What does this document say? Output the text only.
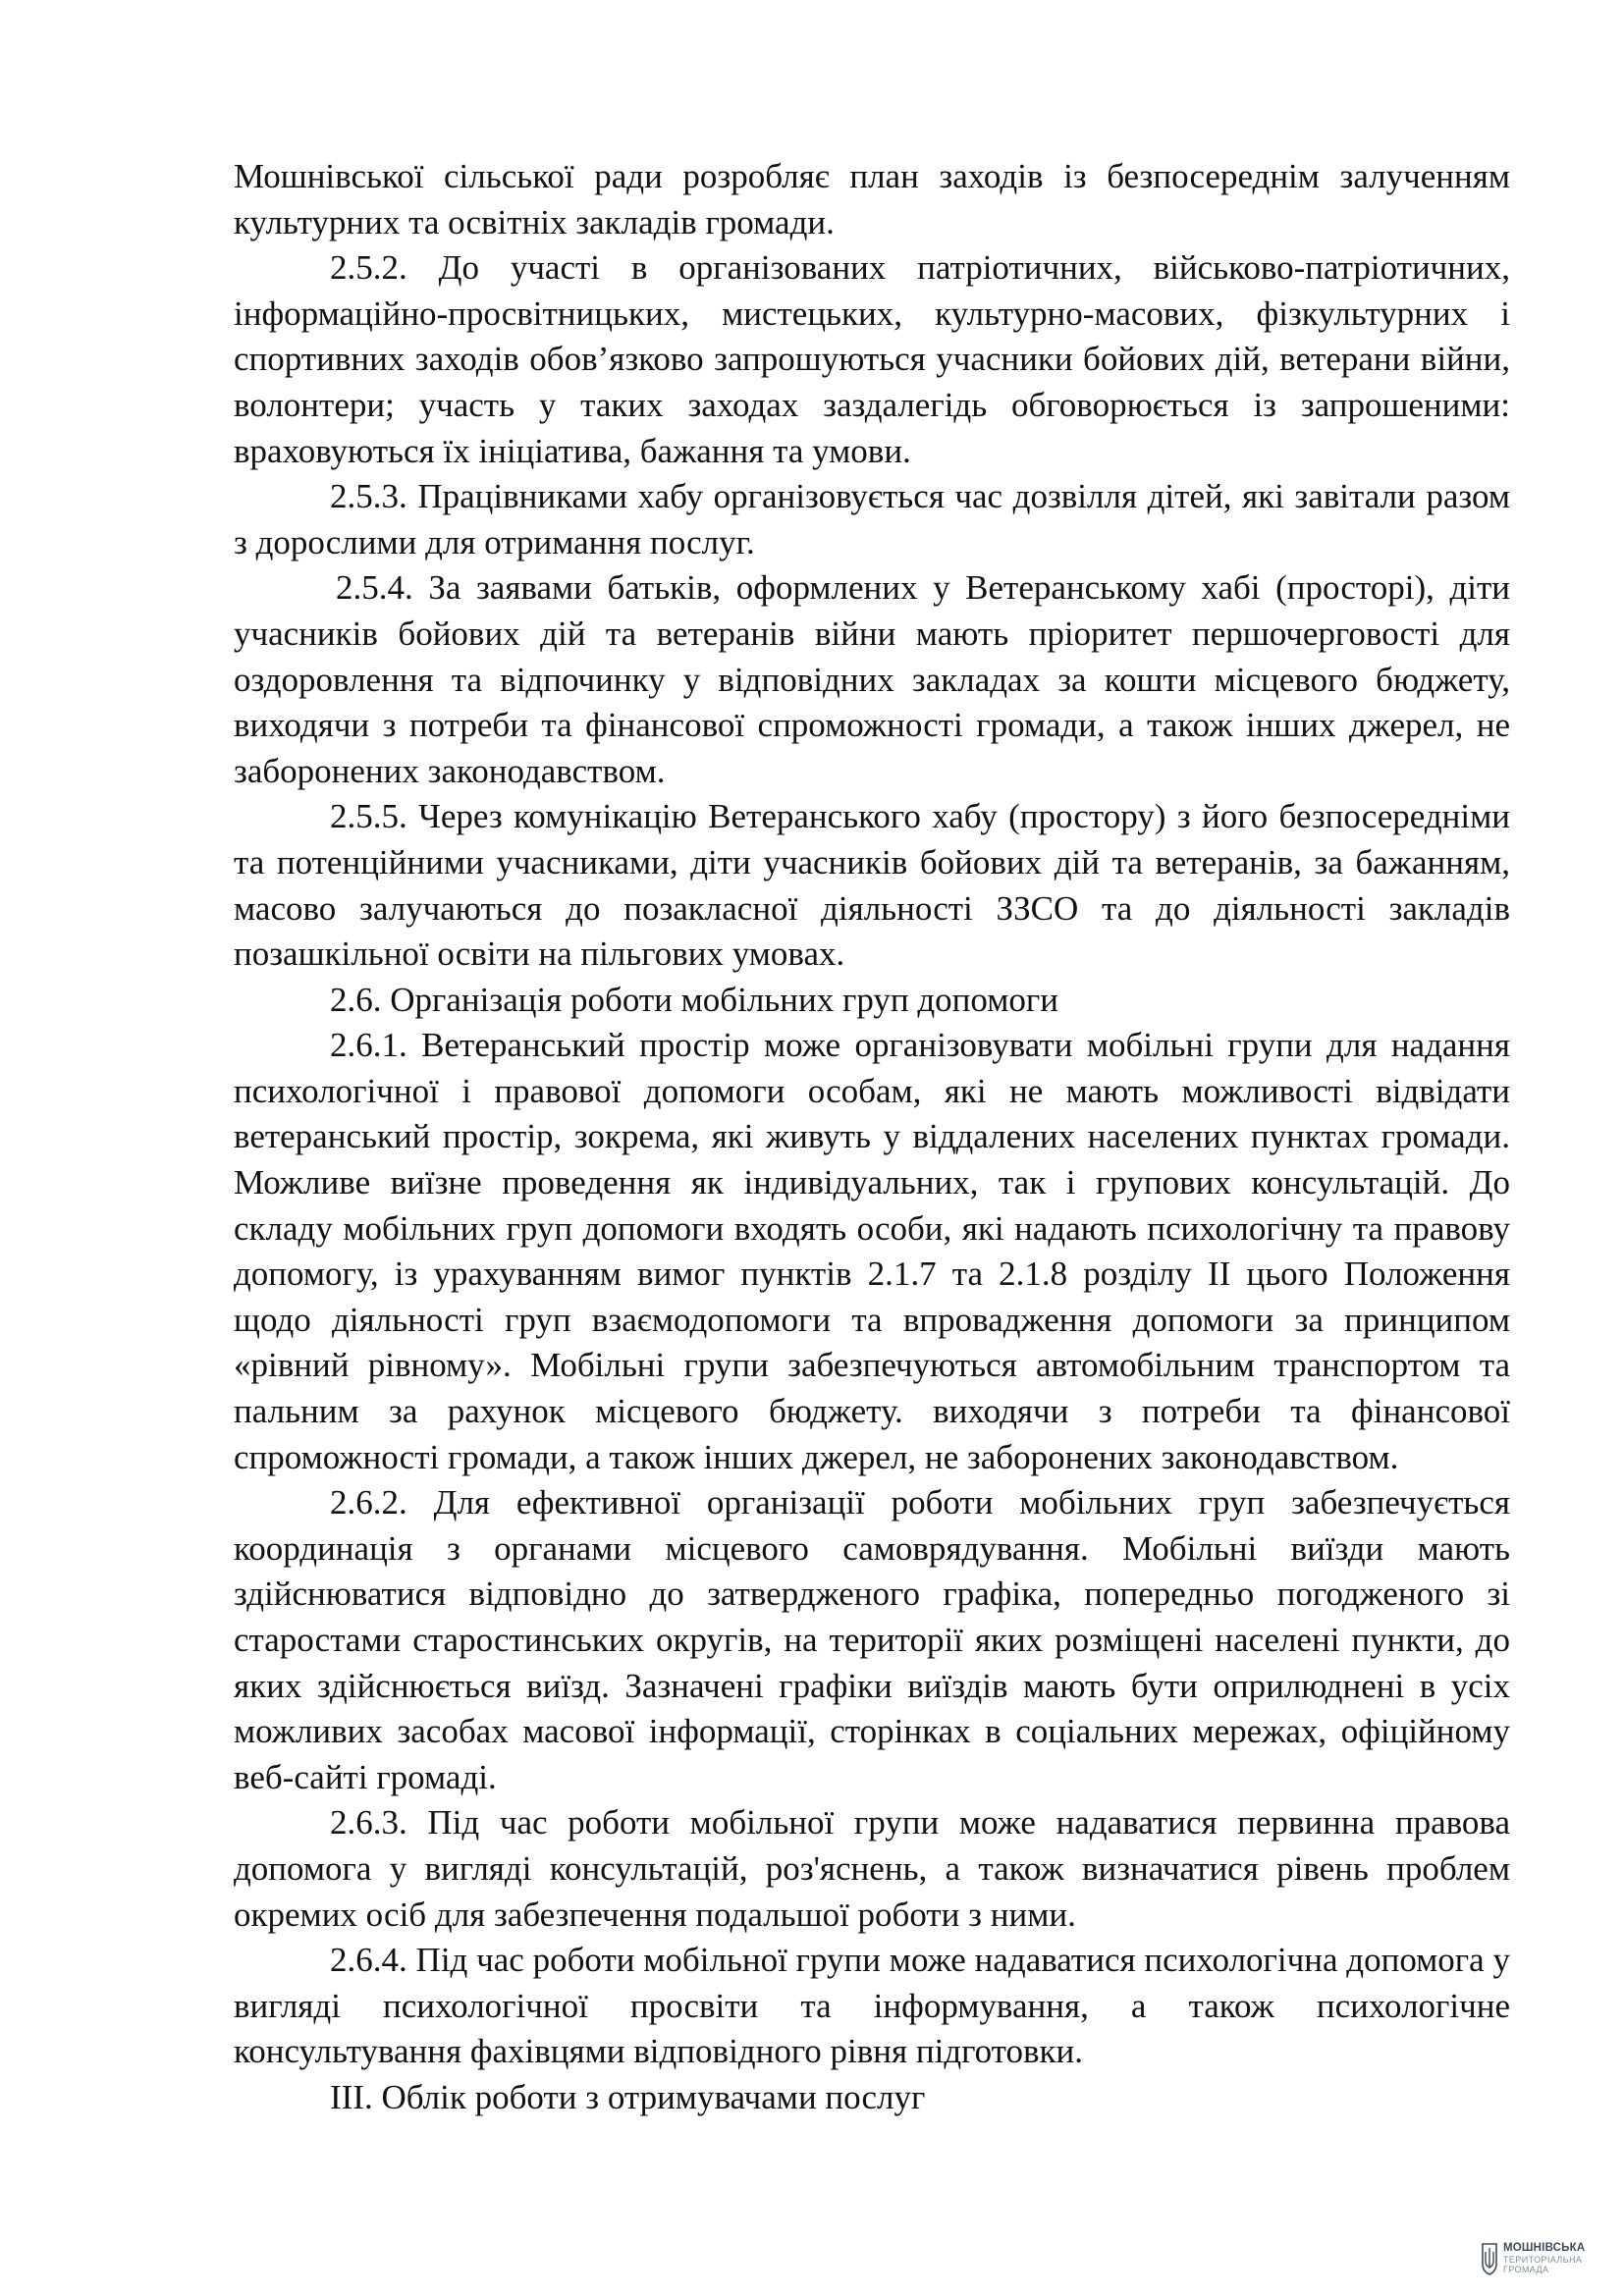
Мошнівської сільської ради розробляє план заходів із безпосереднім залученням культурних та освітніх закладів громади.

2.5.2. До участі в організованих патріотичних, військово-патріотичних, інформаційно-просвітницьких, мистецьких, культурно-масових, фізкультурних і спортивних заходів обов’язково запрошуються учасники бойових дій, ветерани війни, волонтери; участь у таких заходах заздалегідь обговорюється із запрошеними: враховуються їх ініціатива, бажання та умови.

2.5.3. Працівниками хабу організовується час дозвілля дітей, які завітали разом з дорослими для отримання послуг.

2.5.4. За заявами батьків, оформлених у Ветеранському хабі (просторі), діти учасників бойових дій та ветеранів війни мають пріоритет першочерговості для оздоровлення та відпочинку у відповідних закладах за кошти місцевого бюджету, виходячи з потреби та фінансової спроможності громади, а також інших джерел, не заборонених законодавством.

2.5.5. Через комунікацію Ветеранського хабу (простору) з його безпосередніми та потенційними учасниками, діти учасників бойових дій та ветеранів, за бажанням, масово залучаються до позакласної діяльності ЗЗСО та до діяльності закладів позашкільної освіти на пільгових умовах.

2.6. Організація роботи мобільних груп допомоги

2.6.1. Ветеранський простір може організовувати мобільні групи для надання психологічної і правової допомоги особам, які не мають можливості відвідати ветеранський простір, зокрема, які живуть у віддалених населених пунктах громади. Можливе виїзне проведення як індивідуальних, так і групових консультацій. До складу мобільних груп допомоги входять особи, які надають психологічну та правову допомогу, із урахуванням вимог пунктів 2.1.7 та 2.1.8 розділу II цього Положення щодо діяльності груп взаємодопомоги та впровадження допомоги за принципом «рівний рівному». Мобільні групи забезпечуються автомобільним транспортом та пальним за рахунок місцевого бюджету. виходячи з потреби та фінансової спроможності громади, а також інших джерел, не заборонених законодавством.

2.6.2. Для ефективної організації роботи мобільних груп забезпечується координація з органами місцевого самоврядування. Мобільні виїзди мають здійснюватися відповідно до затвердженого графіка, попередньо погодженого зі старостами старостинських округів, на території яких розміщені населені пункти, до яких здійснюється виїзд. Зазначені графіки виїздів мають бути оприлюднені в усіх можливих засобах масової інформації, сторінках в соціальних мережах, офіційному веб-сайті громаді.

2.6.3. Під час роботи мобільної групи може надаватися первинна правова допомога у вигляді консультацій, роз'яснень, а також визначатися рівень проблем окремих осіб для забезпечення подальшої роботи з ними.

2.6.4. Під час роботи мобільної групи може надаватися психологічна допомога у вигляді психологічної просвіти та інформування, а також психологічне консультування фахівцями відповідного рівня підготовки.

III. Облік роботи з отримувачами послуг

МОШНІВСЬКА
ТЕРИТОРІАЛЬНА
ГРОМАДА
